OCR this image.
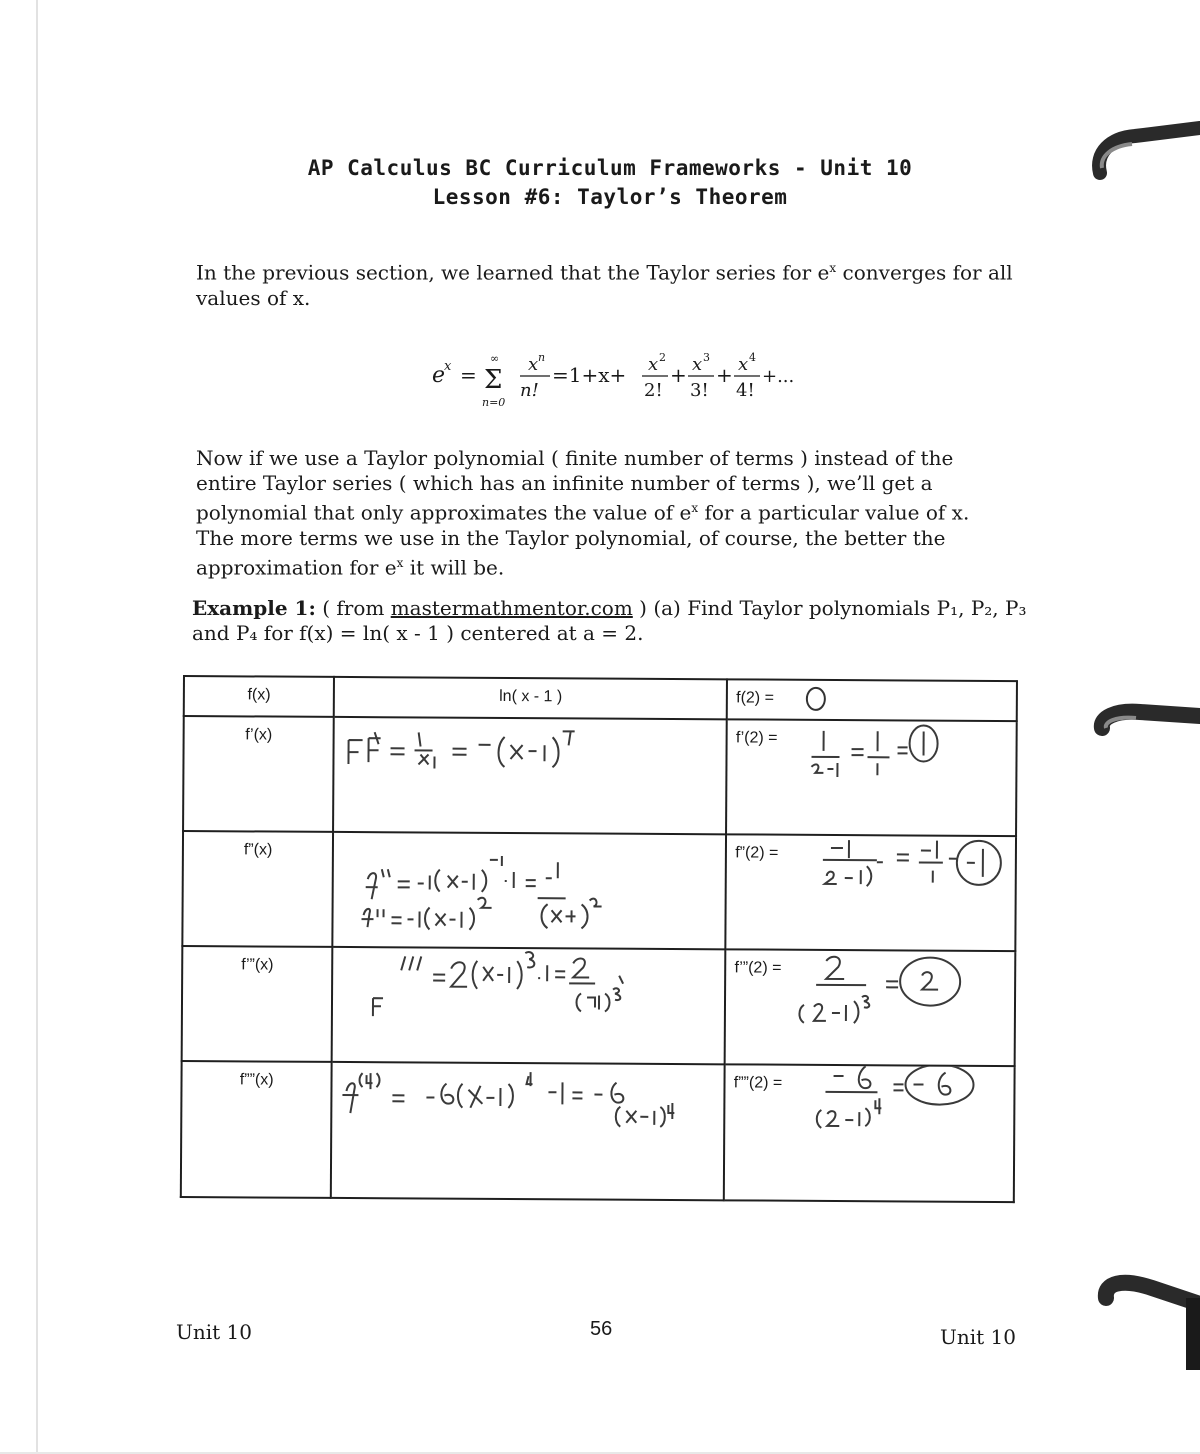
AP Calculus BC Curriculum Frameworks - Unit 10
Lesson #6: Taylor’s Theorem
In the previous section, we learned that the Taylor series for $e^x$ converges for all values of x.
e
x = Σ
∞
n=0
x n
n!
=1+x+ x 2
2!
+ x 3
3!
+ x 4
4!
+...
Now if we use a Taylor polynomial ( finite number of terms ) instead of the entire Taylor series ( which has an infinite number of terms ), we’ll get a polynomial that only approximates the value of $e^x$ for a particular value of x. The more terms we use in the Taylor polynomial, of course, the better the approximation for $e^x$ it will be.
Example 1: ( from mastermathmentor.com ) (a) Find Taylor polynomials P₁, P₂, P₃ and P₄ for f(x) = ln( x - 1 ) centered at a = 2.
f(x)	ln( x - 1 )	f(2) =

f’(x)		f’(2) =

f”(x)		f”(2) =

f’”(x)		f’”(2) =

f””(x)		f””(2) =
Unit 10	56	Unit 10
